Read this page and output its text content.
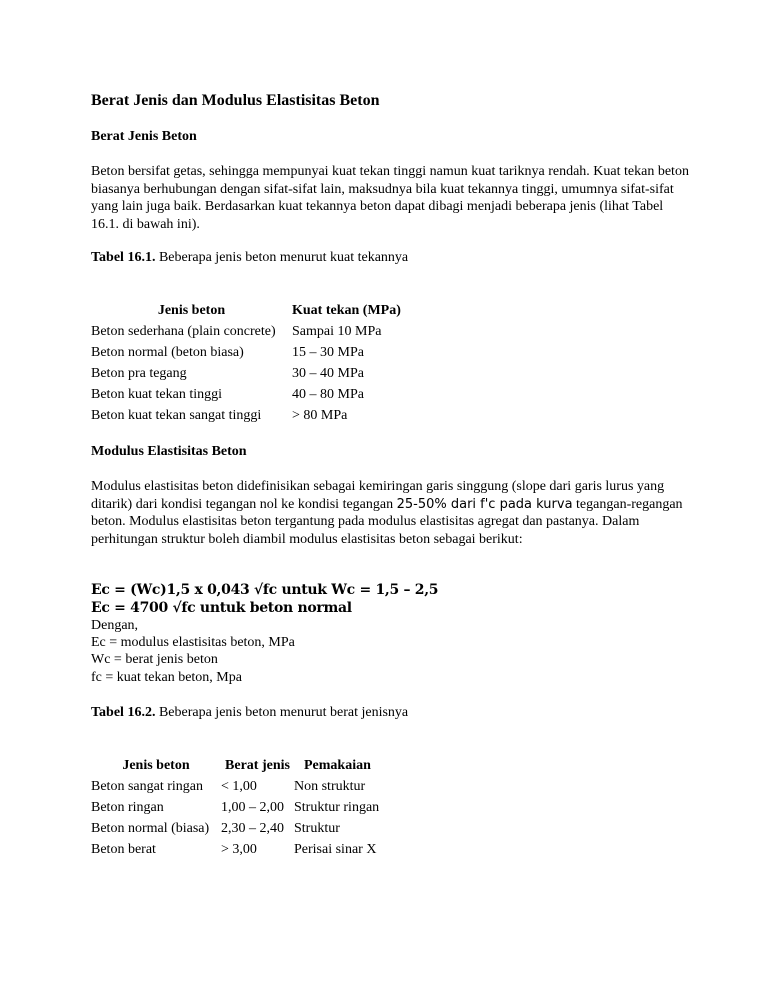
Berat Jenis dan Modulus Elastisitas Beton
Berat Jenis Beton
Beton bersifat getas, sehingga mempunyai kuat tekan tinggi namun kuat tariknya rendah. Kuat tekan beton biasanya berhubungan dengan sifat-sifat lain, maksudnya bila kuat tekannya tinggi, umumnya sifat-sifat yang lain juga baik. Berdasarkan kuat tekannya beton dapat dibagi menjadi beberapa jenis (lihat Tabel 16.1. di bawah ini).
Tabel 16.1. Beberapa jenis beton menurut kuat tekannya
Jenis beton	Kuat tekan (MPa)
Beton sederhana (plain concrete)	Sampai 10 MPa
Beton normal (beton biasa)	15 – 30 MPa
Beton pra tegang	30 – 40 MPa
Beton kuat tekan tinggi	40 – 80 MPa
Beton kuat tekan sangat tinggi	> 80 MPa
Modulus Elastisitas Beton
Modulus elastisitas beton didefinisikan sebagai kemiringan garis singgung (slope dari garis lurus yang ditarik) dari kondisi tegangan nol ke kondisi tegangan 25-50% dari f'c pada kurva tegangan-regangan beton. Modulus elastisitas beton tergantung pada modulus elastisitas agregat dan pastanya. Dalam perhitungan struktur boleh diambil modulus elastisitas beton sebagai berikut:
Ec = (Wc)1,5 x 0,043 √fc untuk Wc = 1,5 – 2,5
Ec = 4700 √fc untuk beton normal
Dengan,
Ec = modulus elastisitas beton, MPa
Wc = berat jenis beton
fc = kuat tekan beton, Mpa
Tabel 16.2. Beberapa jenis beton menurut berat jenisnya
Jenis beton	Berat jenis	Pemakaian
Beton sangat ringan	< 1,00	Non struktur
Beton ringan	1,00 – 2,00	Struktur ringan
Beton normal (biasa)	2,30 – 2,40	Struktur
Beton berat	> 3,00	Perisai sinar X
